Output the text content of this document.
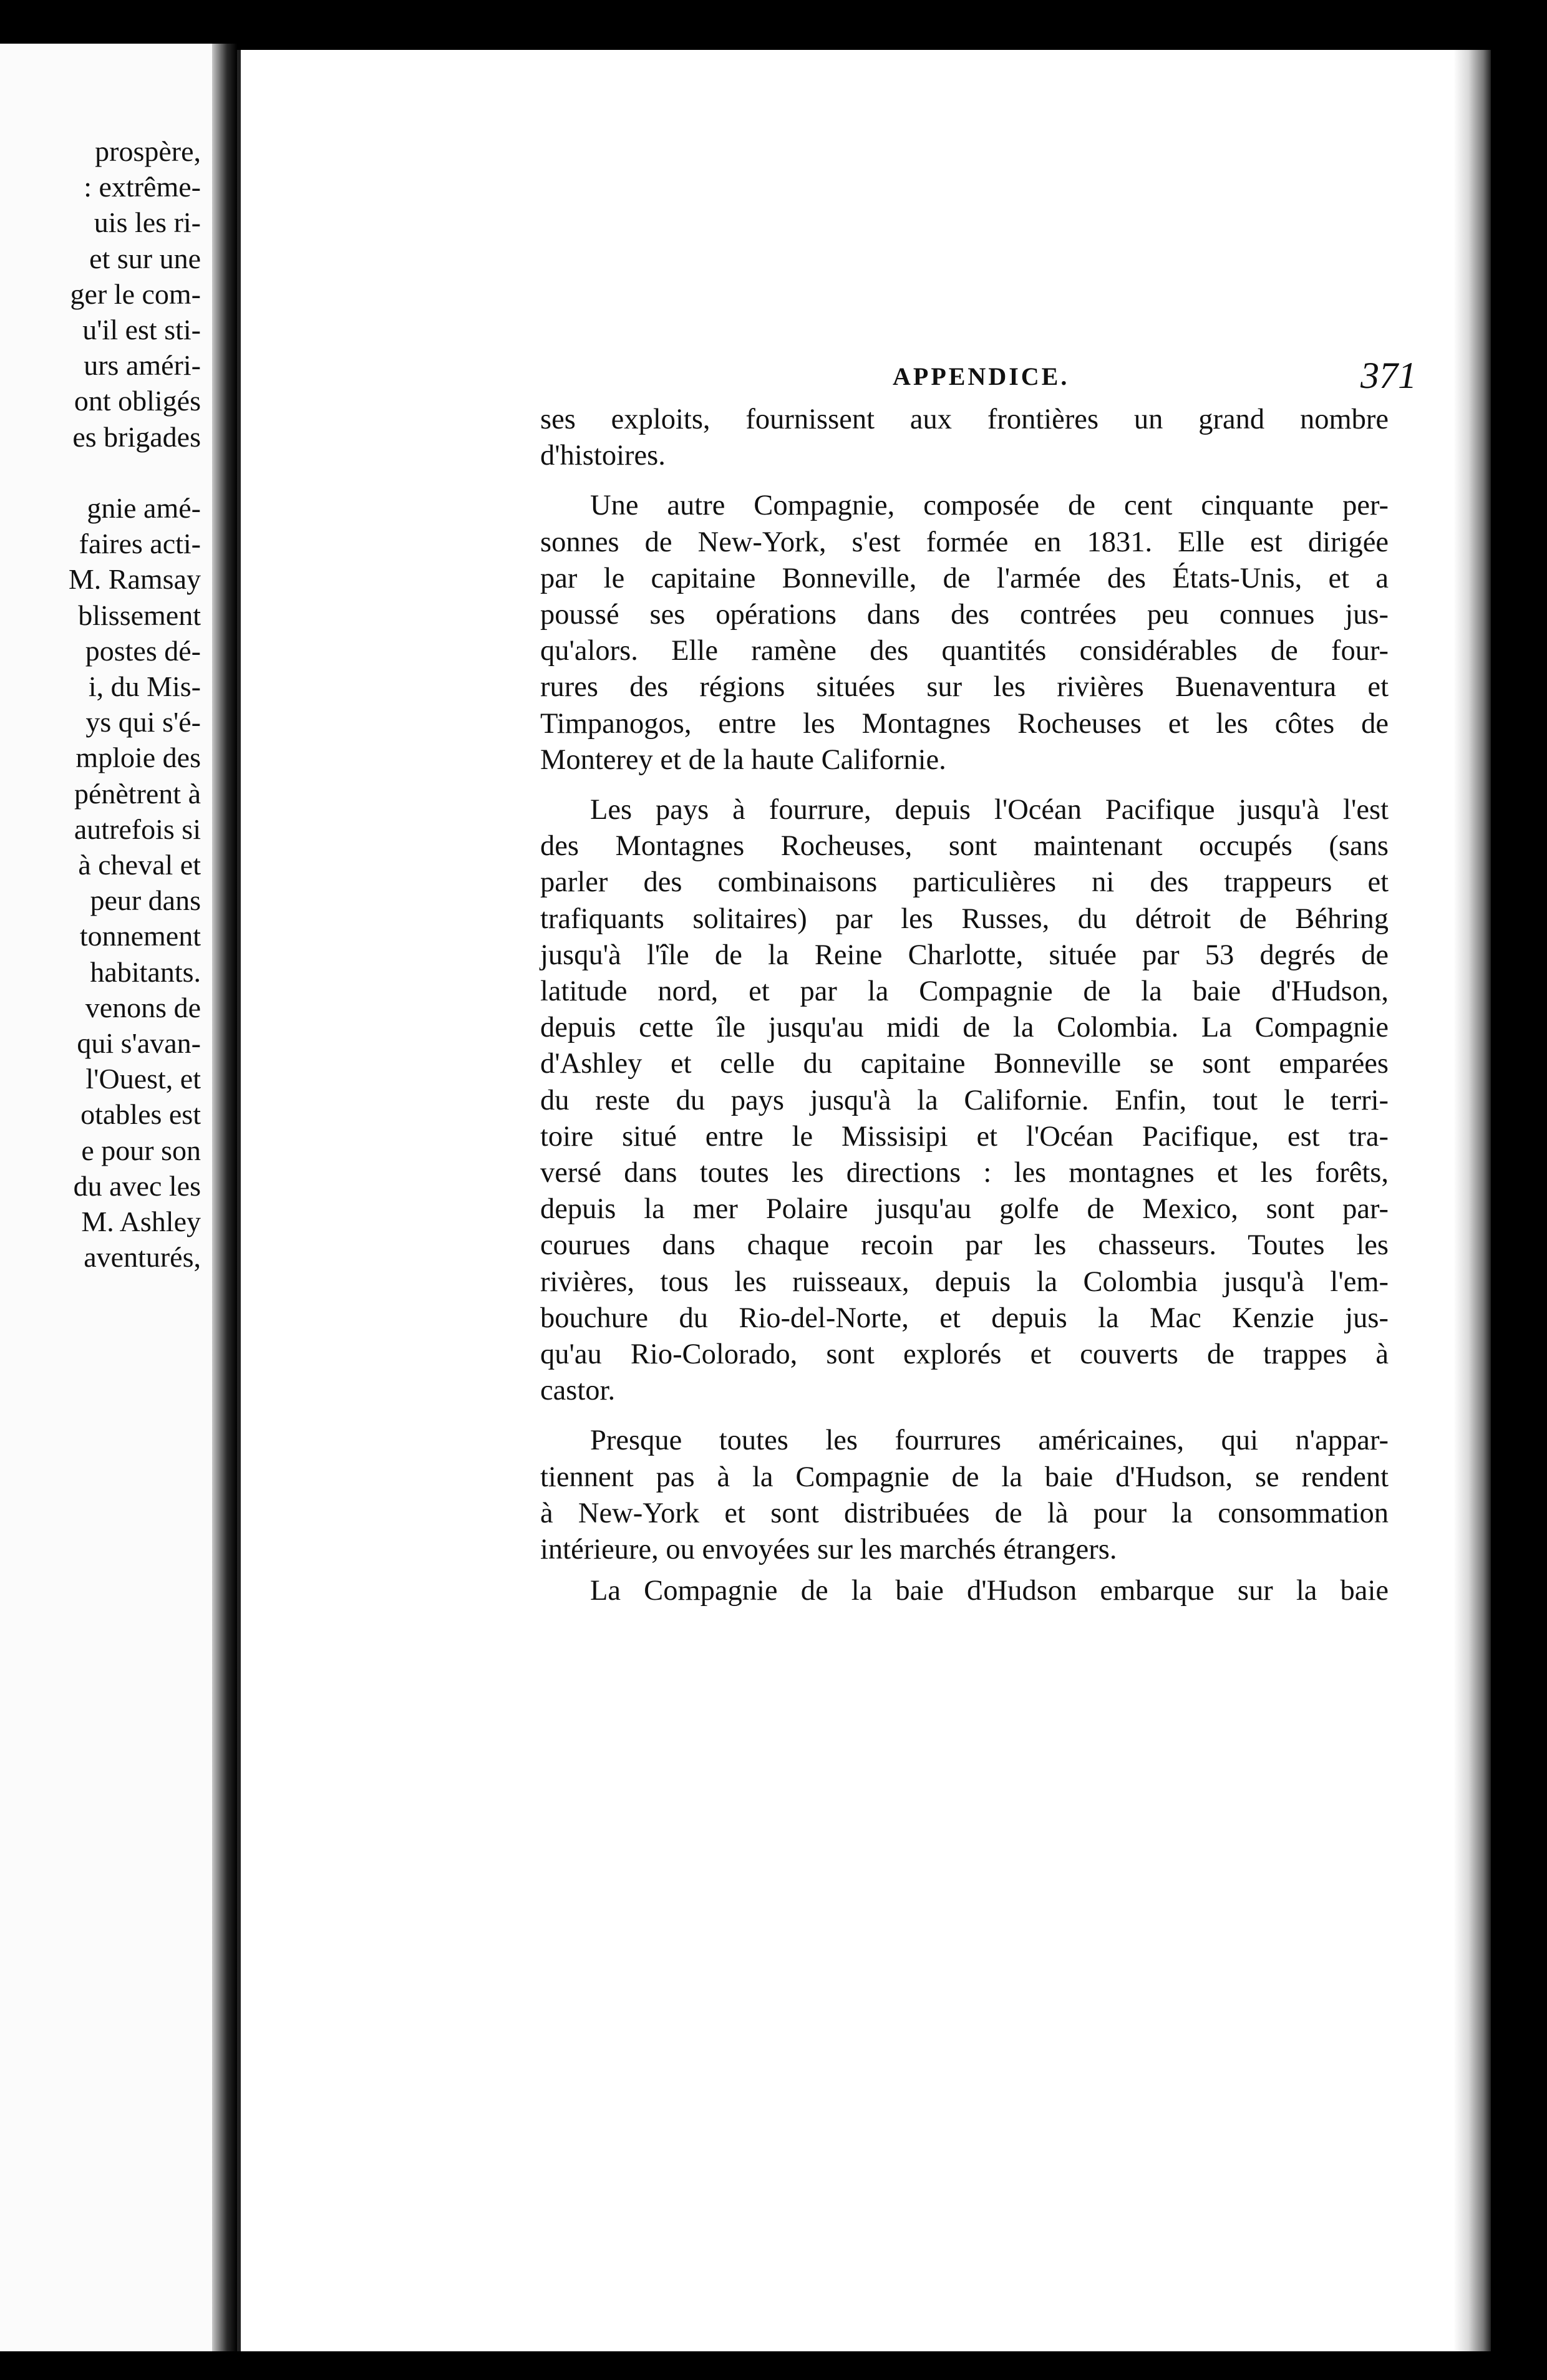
prospère,
: extrême-
uis les ri-
et sur une
ger le com-
u'il est sti-
urs améri-
ont obligés
es brigades
gnie amé-
faires acti-
M. Ramsay
blissement
postes dé-
i, du Mis-
ys qui s'é-
mploie des
pénètrent à
autrefois si
à cheval et
peur dans
tonnement
habitants.
venons de
qui s'avan-
l'Ouest, et
otables est
e pour son
du avec les
M. Ashley
aventurés,
APPENDICE.	371
ses exploits, fournissent aux frontières un grand nombre
d'histoires.
Une autre Compagnie, composée de cent cinquante per-
sonnes de New-York, s'est formée en 1831. Elle est dirigée
par le capitaine Bonneville, de l'armée des États-Unis, et a
poussé ses opérations dans des contrées peu connues jus-
qu'alors. Elle ramène des quantités considérables de four-
rures des régions situées sur les rivières Buenaventura et
Timpanogos, entre les Montagnes Rocheuses et les côtes de
Monterey et de la haute Californie.
Les pays à fourrure, depuis l'Océan Pacifique jusqu'à l'est
des Montagnes Rocheuses, sont maintenant occupés (sans
parler des combinaisons particulières ni des trappeurs et
trafiquants solitaires) par les Russes, du détroit de Béhring
jusqu'à l'île de la Reine Charlotte, située par 53 degrés de
latitude nord, et par la Compagnie de la baie d'Hudson,
depuis cette île jusqu'au midi de la Colombia. La Compagnie
d'Ashley et celle du capitaine Bonneville se sont emparées
du reste du pays jusqu'à la Californie. Enfin, tout le terri-
toire situé entre le Missisipi et l'Océan Pacifique, est tra-
versé dans toutes les directions : les montagnes et les forêts,
depuis la mer Polaire jusqu'au golfe de Mexico, sont par-
courues dans chaque recoin par les chasseurs. Toutes les
rivières, tous les ruisseaux, depuis la Colombia jusqu'à l'em-
bouchure du Rio-del-Norte, et depuis la Mac Kenzie jus-
qu'au Rio-Colorado, sont explorés et couverts de trappes à
castor.
Presque toutes les fourrures américaines, qui n'appar-
tiennent pas à la Compagnie de la baie d'Hudson, se rendent
à New-York et sont distribuées de là pour la consommation
intérieure, ou envoyées sur les marchés étrangers.
La Compagnie de la baie d'Hudson embarque sur la baie
